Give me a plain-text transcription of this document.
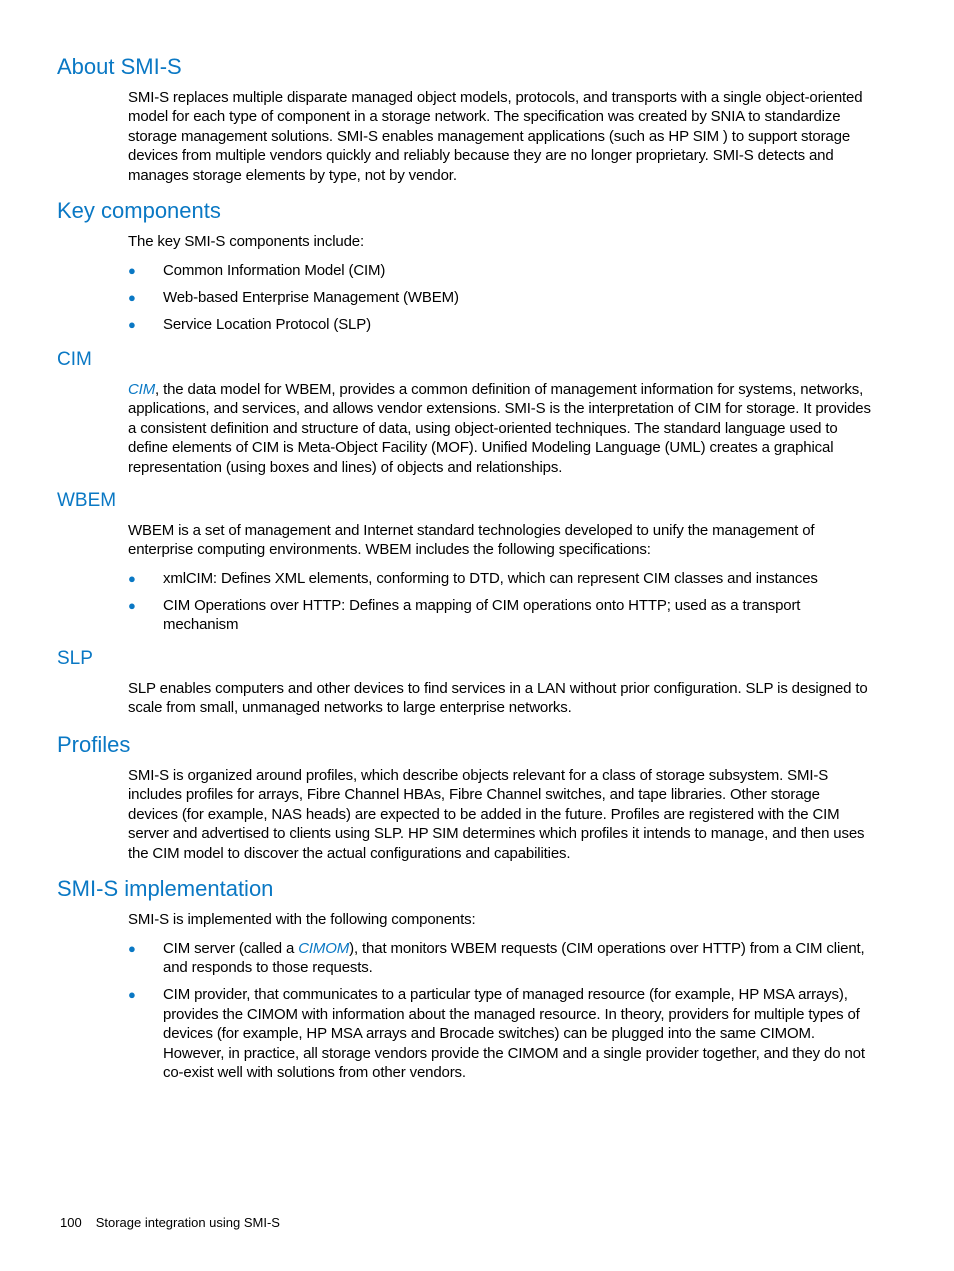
About SMI-S

SMI-S replaces multiple disparate managed object models, protocols, and transports with a single object-oriented model for each type of component in a storage network. The specification was created by SNIA to standardize storage management solutions. SMI-S enables management applications (such as HP SIM ) to support storage devices from multiple vendors quickly and reliably because they are no longer proprietary. SMI-S detects and manages storage elements by type, not by vendor.

Key components

The key SMI-S components include:

● Common Information Model (CIM)
● Web-based Enterprise Management (WBEM)
● Service Location Protocol (SLP)
CIM

CIM, the data model for WBEM, provides a common definition of management information for systems, networks, applications, and services, and allows vendor extensions. SMI-S is the interpretation of CIM for storage. It provides a consistent definition and structure of data, using object-oriented techniques. The standard language used to define elements of CIM is Meta-Object Facility (MOF). Unified Modeling Language (UML) creates a graphical representation (using boxes and lines) of objects and relationships.

WBEM

WBEM is a set of management and Internet standard technologies developed to unify the management of enterprise computing environments. WBEM includes the following specifications:

● xmlCIM: Defines XML elements, conforming to DTD, which can represent CIM classes and instances
● CIM Operations over HTTP: Defines a mapping of CIM operations onto HTTP; used as a transport mechanism
SLP

SLP enables computers and other devices to find services in a LAN without prior configuration. SLP is designed to scale from small, unmanaged networks to large enterprise networks.

Profiles

SMI-S is organized around profiles, which describe objects relevant for a class of storage subsystem. SMI-S includes profiles for arrays, Fibre Channel HBAs, Fibre Channel switches, and tape libraries. Other storage devices (for example, NAS heads) are expected to be added in the future. Profiles are registered with the CIM server and advertised to clients using SLP. HP SIM determines which profiles it intends to manage, and then uses the CIM model to discover the actual configurations and capabilities.

SMI-S implementation

SMI-S is implemented with the following components:

● CIM server (called a CIMOM), that monitors WBEM requests (CIM operations over HTTP) from a CIM client, and responds to those requests.
● CIM provider, that communicates to a particular type of managed resource (for example, HP MSA arrays), provides the CIMOM with information about the managed resource. In theory, providers for multiple types of devices (for example, HP MSA arrays and Brocade switches) can be plugged into the same CIMOM. However, in practice, all storage vendors provide the CIMOM and a single provider together, and they do not co-exist well with solutions from other vendors.
100 Storage integration using SMI-S
